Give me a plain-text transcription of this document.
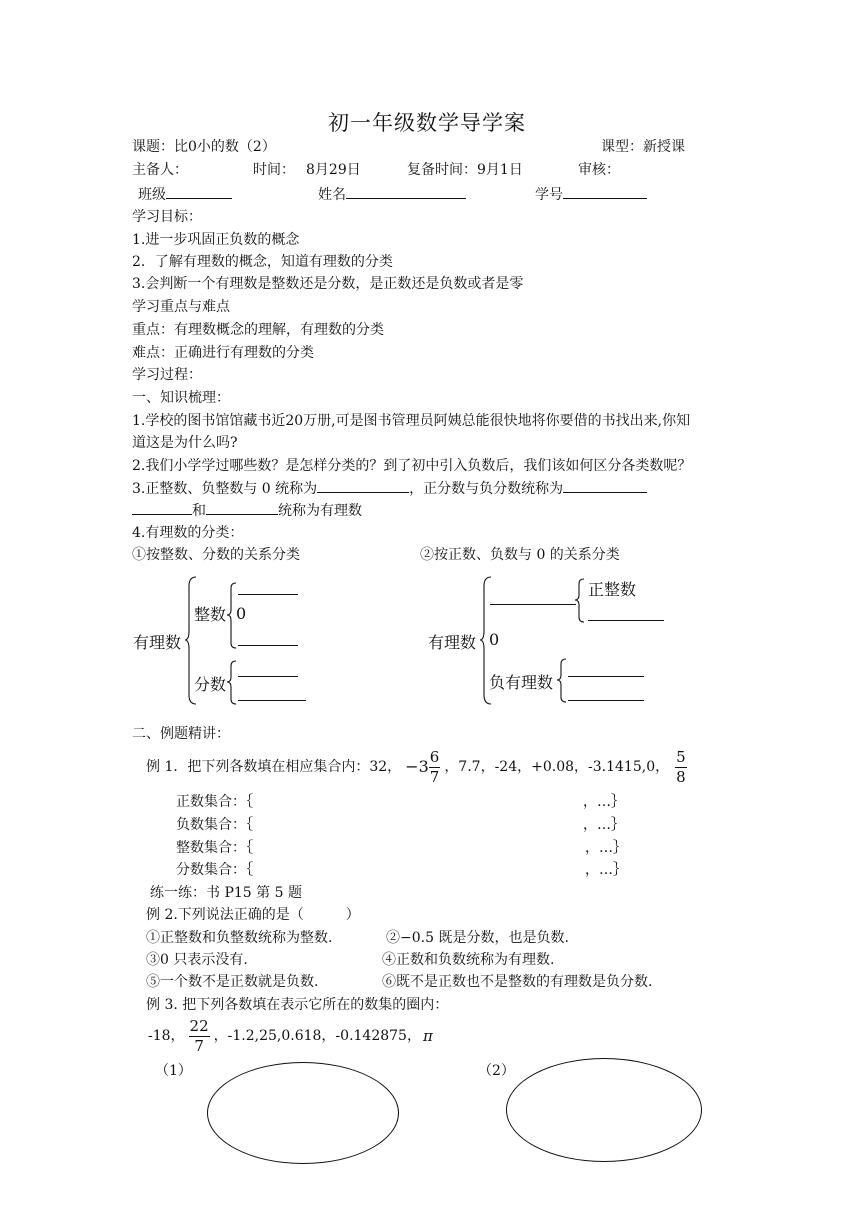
初一年级数学导学案
课题：比0小的数（2）	课型：新授课
主备人：	时间： 8月29日	复备时间：9月1日	审核：
班级	姓名	学号
学习目标：
1.进一步巩固正负数的概念
2．了解有理数的概念，知道有理数的分类
3.会判断一个有理数是整数还是分数，是正数还是负数或者是零
学习重点与难点
重点：有理数概念的理解，有理数的分类
难点：正确进行有理数的分类
学习过程：
一、知识梳理：
1.学校的图书馆馆藏书近20万册,可是图书管理员阿姨总能很快地将你要借的书找出来,你知
道这是为什么吗?
2.我们小学学过哪些数？是怎样分类的？到了初中引入负数后，我们该如何区分各类数呢？
3.正整数、负整数与 0 统称为	，正分数与负分数统称为
和	统称为有理数
4.有理数的分类：
①按整数、分数的关系分类	②按正数、负数与 0 的关系分类
有理数
整数 0
分数
有理数
正整数
0
负有理数
二、例题精讲：
例 1．把下列各数填在相应集合内：32， $-3 \frac{6}{7}$ ，7.7，-24，+0.08，-3.1415,0， $\frac{5}{8}$
正数集合：｛	，…｝
负数集合：｛	，…｝
整数集合：｛	，…｝
分数集合：｛	，…｝
练一练：书 P15 第 5 题
例 2.下列说法正确的是（　　　）
①正整数和负整数统称为整数.	②−0.5 既是分数，也是负数.
③0 只表示没有.	④正数和负数统称为有理数.
⑤一个数不是正数就是负数.	⑥既不是正数也不是整数的有理数是负分数.
例 3. 把下列各数填在表示它所在的数集的圈内：
-18， $\frac{22}{7}$ ，-1.2,25,0.618，-0.142875， π
（1）	（2）
